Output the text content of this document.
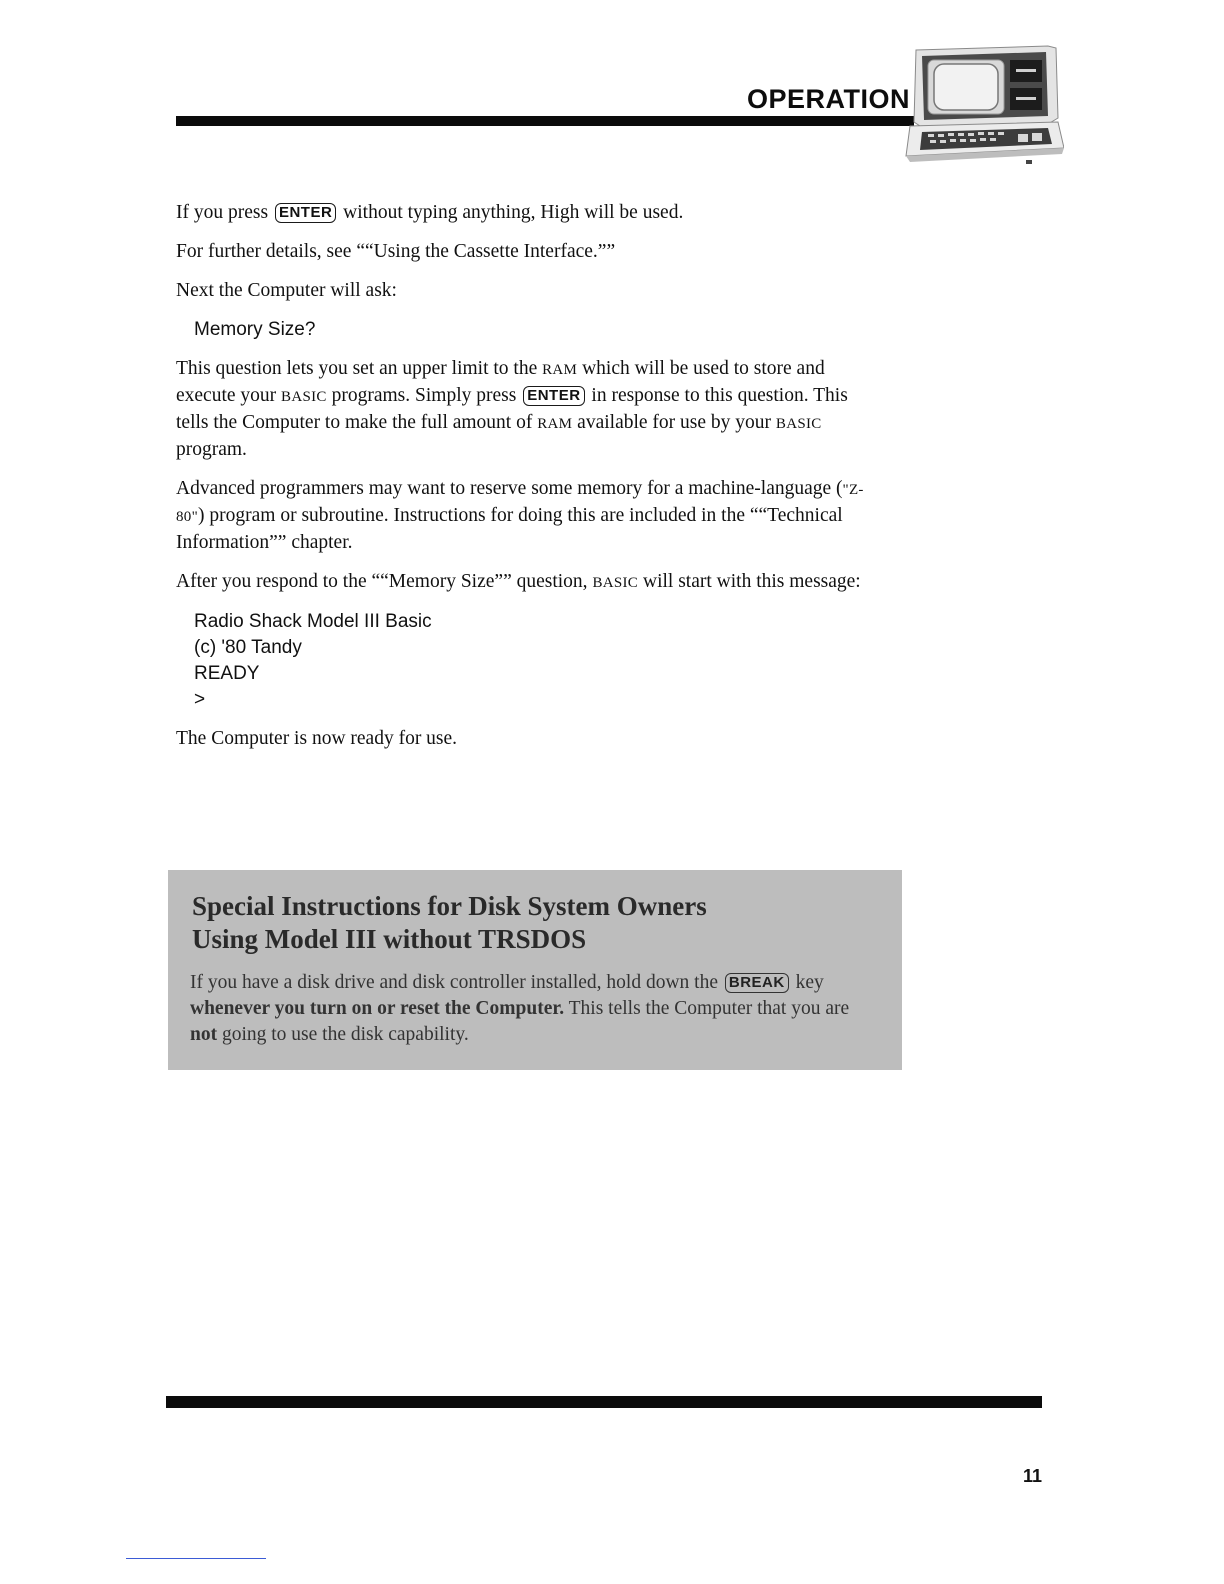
OPERATION

If you press ENTER without typing anything, High will be used.

For further details, see ““Using the Cassette Interface.””

Next the Computer will ask:

Memory Size?

This question lets you set an upper limit to the RAM which will be used to store and execute your BASIC programs. Simply press ENTER in response to this question. This tells the Computer to make the full amount of RAM available for use by your BASIC program.

Advanced programmers may want to reserve some memory for a machine-language ("Z-80") program or subroutine. Instructions for doing this are included in the ““Technical Information”” chapter.

After you respond to the ““Memory Size”” question, BASIC will start with this message:

Radio Shack Model III Basic
(c) '80 Tandy
READY
>

The Computer is now ready for use.

Special Instructions for Disk System Owners
Using Model III without TRSDOS

If you have a disk drive and disk controller installed, hold down the BREAK key whenever you turn on or reset the Computer. This tells the Computer that you are not going to use the disk capability.

11
